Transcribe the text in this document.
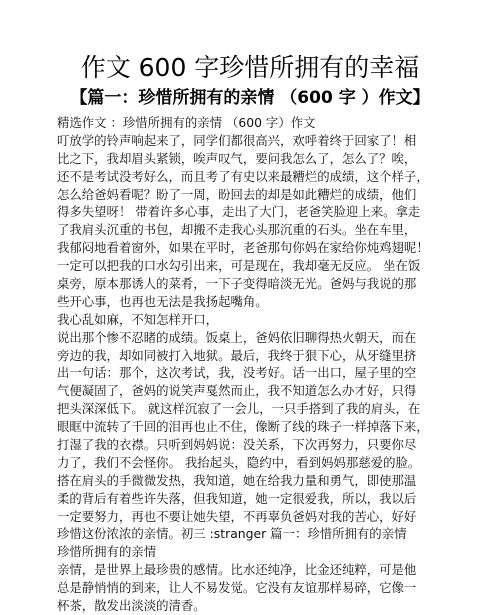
作文 600 字珍惜所拥有的幸福
【篇一：珍惜所拥有的亲情 （600 字 ）作文】
精选作文 ：珍惜所拥有的亲情 （600 字）作文
叮放学的铃声响起来了，同学们都很高兴，欢呼着终于回家了！相
比之下，我却眉头紧锁，唉声叹气，要问我怎么了，怎么了？唉，
还不是考试没考好么，而且考了有史以来最糟烂的成绩，这个样子，
怎么给爸妈看呢？盼了一周，盼回去的却是如此糟烂的成绩，他们
得多失望呀！ 带着许多心事，走出了大门，老爸笑脸迎上来。拿走
了我肩头沉重的书包，却搬不走我心头那沉重的石头。坐在车里，
我郁闷地看着窗外，如果在平时，老爸那句你妈在家给你炖鸡翅呢！
一定可以把我的口水勾引出来，可是现在，我却毫无反应。 坐在饭
桌旁，原本那诱人的菜肴，一下子变得暗淡无光。爸妈与我说的那
些开心事，也再也无法是我扬起嘴角。
我心乱如麻，不知怎样开口，
说出那个惨不忍睹的成绩。饭桌上，爸妈依旧聊得热火朝天，而在
旁边的我，却如同被打入地狱。最后，我终于狠下心，从牙缝里挤
出一句话：那个，这次考试，我，没考好。话一出口，屋子里的空
气便凝固了，爸妈的说笑声戛然而止，我不知道怎么办才好，只得
把头深深低下。 就这样沉寂了一会儿，一只手搭到了我的肩头，在
眼眶中流转了千回的泪再也止不住，像断了线的珠子一样掉落下来，
打湿了我的衣襟。只听到妈妈说：没关系，下次再努力，只要你尽
力了，我们不会怪你。 我抬起头，隐约中，看到妈妈那慈爱的脸。
搭在肩头的手微微发热，我知道，她在给我力量和勇气，即使那温
柔的背后有着些许失落，但我知道，她一定很爱我，所以，我以后
一定要努力，再也不要让她失望，不再辜负爸妈对我的苦心，好好
珍惜这份浓浓的亲情。初三 :stranger 篇一：珍惜所拥有的亲情
珍惜所拥有的亲情
亲情，是世界上最珍贵的感情。比水还纯净，比金还纯粹，可是他
总是静悄悄的到来，让人不易发觉。它没有友谊那样易碎，它像一
杯茶，散发出淡淡的清香。
